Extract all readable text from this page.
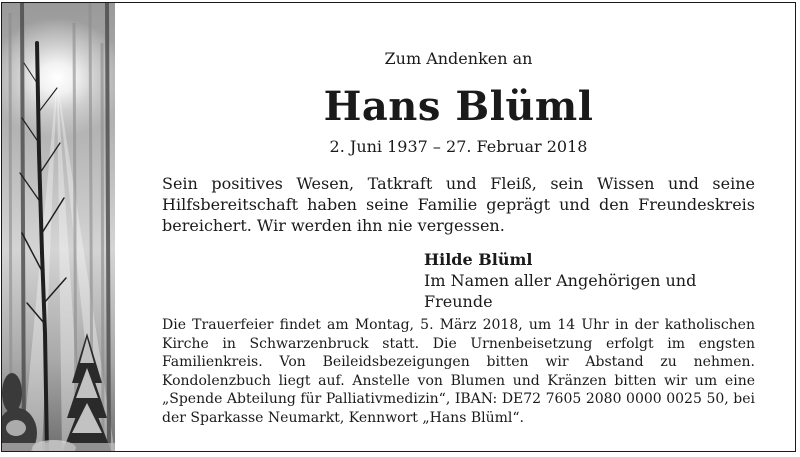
Zum Andenken an

Hans Blüml

2. Juni 1937 – 27. Februar 2018

Sein positives Wesen, Tatkraft und Fleiß, sein Wissen und seine Hilfsbereitschaft haben seine Familie geprägt und den Freundeskreis bereichert. Wir werden ihn nie vergessen.

Hilde Blüml
Im Namen aller Angehörigen und Freunde

Die Trauerfeier findet am Montag, 5. März 2018, um 14 Uhr in der katholischen Kirche in Schwarzenbruck statt. Die Urnenbeisetzung erfolgt im engsten Familienkreis. Von Beileidsbezeigungen bitten wir Abstand zu nehmen. Kondolenzbuch liegt auf. Anstelle von Blumen und Kränzen bitten wir um eine „Spende Abteilung für Palliativmedizin“, IBAN: DE72 7605 2080 0000 0025 50, bei der Sparkasse Neumarkt, Kennwort „Hans Blüml“.
